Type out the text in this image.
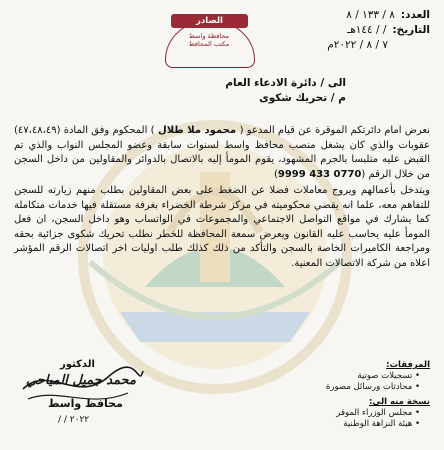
العدد:
٨ / ١٣٣ / ٨
التاريخ:
/ / ١٤٤هـ
٧ / ٨ / ٢٠٢٢م
الصادر
محافظة واسط
مكتب المحافظ
الى / دائرة الادعاء العام
م / تحريك شكوى

نعرض امام دائرتكم الموقرة عن قيام المدعو ( محمود ملا طلال ) المحكوم وفق المادة (٤٧،٤٨،٤٩) عقوبات والذي كان يشغل منصب محافظ واسط لسنوات سابقة وعضو المجلس النواب والذي تم القبض عليه متلبسا بالجرم المشهود، يقوم المومأ إليه بالاتصال بالدوائر والمقاولين من داخل السجن من خلال الرقم (0770 433 9999)

ويتدخل بأعمالهم ويروج معاملات فضلا عن الضغط على بعض المقاولين بطلب منهم زيارته للسجن للتفاهم معه، علما انه يقضي محكوميته في مركز شرطة الخضراء بغرفة مستقلة فيها خدمات متكاملة كما يشارك في مواقع التواصل الاجتماعي والمجموعات في الواتساب وهو داخل السجن، ان فعل المومأ عليه يحاسب عليه القانون ويعرض سمعة المحافظة للخطر نطلب تحريك شكوى جزائية بحقه ومراجعة الكاميرات الخاصة بالسجن والتأكد من ذلك كذلك طلب اوليات اخر اتصالات الرقم المؤشر اعلاه من شركة الاتصالات المعنية.

الدكتور
محمد جميل المياحي
محافظ واسط
/ / ٢٠٢٢
المرفقات:
• تسجيلات صوتية
• محادثات ورسائل مصورة
نسخة منه الى:
• مجلس الوزراء الموقر
• هيئة النزاهة الوطنية
